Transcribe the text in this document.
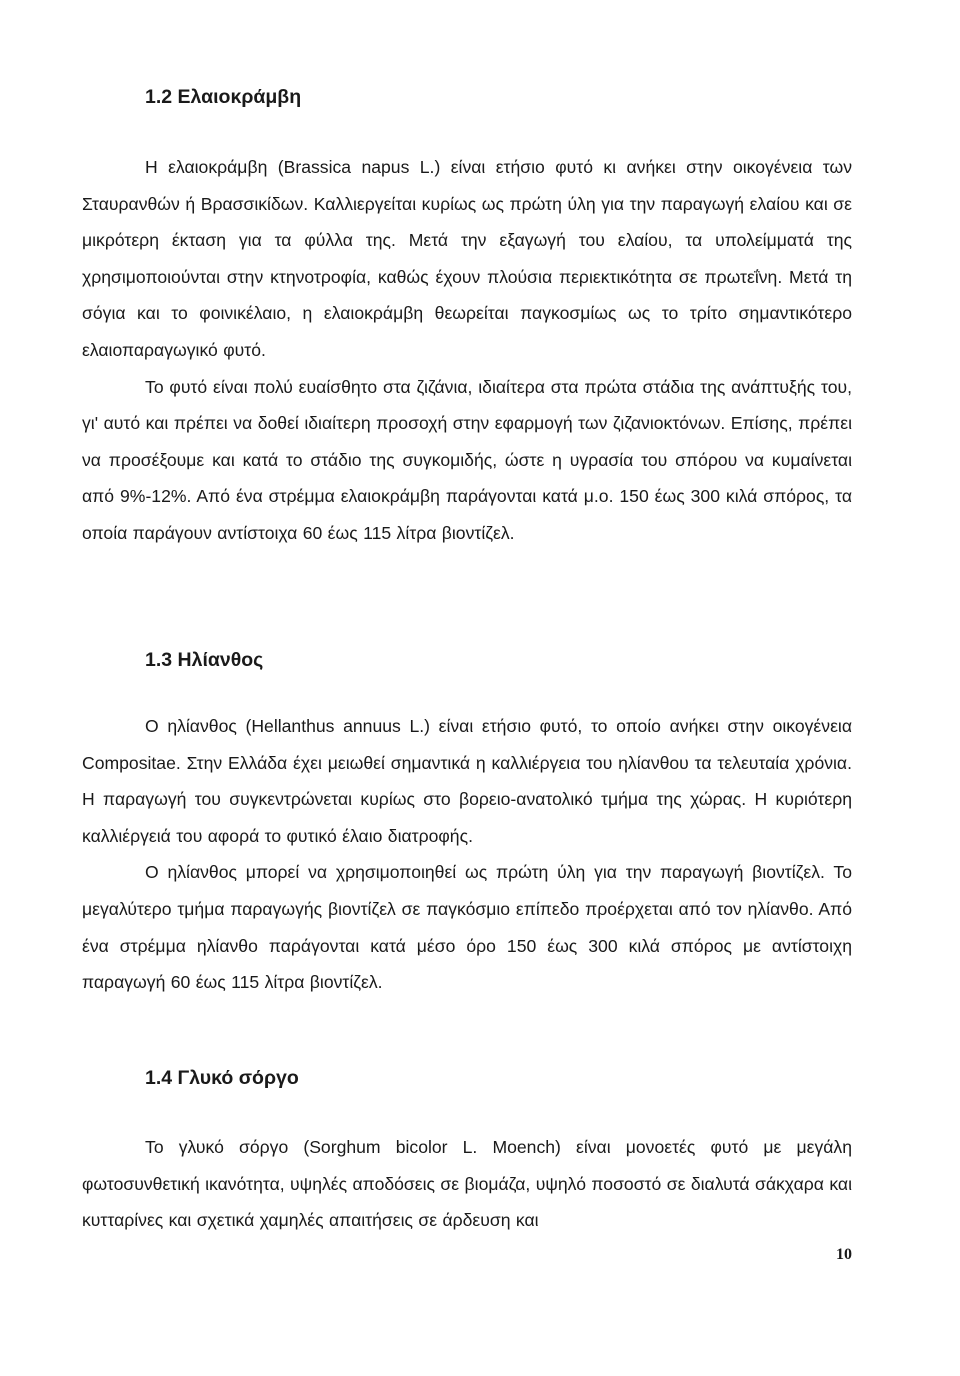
1.2 Ελαιοκράμβη

Η ελαιοκράμβη (Brassica napus L.) είναι ετήσιο φυτό κι ανήκει στην οικογένεια των Σταυρανθών ή Βρασσικίδων. Καλλιεργείται κυρίως ως πρώτη ύλη για την παραγωγή ελαίου και σε μικρότερη έκταση για τα φύλλα της. Μετά την εξαγωγή του ελαίου, τα υπολείμματά της χρησιμοποιούνται στην κτηνοτροφία, καθώς έχουν πλούσια περιεκτικότητα σε πρωτεΐνη. Μετά τη σόγια και το φοινικέλαιο, η ελαιοκράμβη θεωρείται παγκοσμίως ως το τρίτο σημαντικότερο ελαιοπαραγωγικό φυτό.

Το φυτό είναι πολύ ευαίσθητο στα ζιζάνια, ιδιαίτερα στα πρώτα στάδια της ανάπτυξής του, γι' αυτό και πρέπει να δοθεί ιδιαίτερη προσοχή στην εφαρμογή των ζιζανιοκτόνων. Επίσης, πρέπει να προσέξουμε και κατά το στάδιο της συγκομιδής, ώστε η υγρασία του σπόρου να κυμαίνεται από 9%-12%. Από ένα στρέμμα ελαιοκράμβη παράγονται κατά μ.ο. 150 έως 300 κιλά σπόρος, τα οποία παράγουν αντίστοιχα 60 έως 115 λίτρα βιοντίζελ.

1.3 Ηλίανθος

Ο ηλίανθος (Hellanthus annuus L.) είναι ετήσιο φυτό, το οποίο ανήκει στην οικογένεια Compositae. Στην Ελλάδα έχει μειωθεί σημαντικά η καλλιέργεια του ηλίανθου τα τελευταία χρόνια. Η παραγωγή του συγκεντρώνεται κυρίως στο βορειο-ανατολικό τμήμα της χώρας. Η κυριότερη καλλιέργειά του αφορά το φυτικό έλαιο διατροφής.

Ο ηλίανθος μπορεί να χρησιμοποιηθεί ως πρώτη ύλη για την παραγωγή βιοντίζελ. Το μεγαλύτερο τμήμα παραγωγής βιοντίζελ σε παγκόσμιο επίπεδο προέρχεται από τον ηλίανθο. Από ένα στρέμμα ηλίανθο παράγονται κατά μέσο όρο 150 έως 300 κιλά σπόρος με αντίστοιχη παραγωγή 60 έως 115 λίτρα βιοντίζελ.

1.4 Γλυκό σόργο

Το γλυκό σόργο (Sorghum bicolor L. Moench) είναι μονοετές φυτό με μεγάλη φωτοσυνθετική ικανότητα, υψηλές αποδόσεις σε βιομάζα, υψηλό ποσοστό σε διαλυτά σάκχαρα και κυτταρίνες και σχετικά χαμηλές απαιτήσεις σε άρδευση και

10
